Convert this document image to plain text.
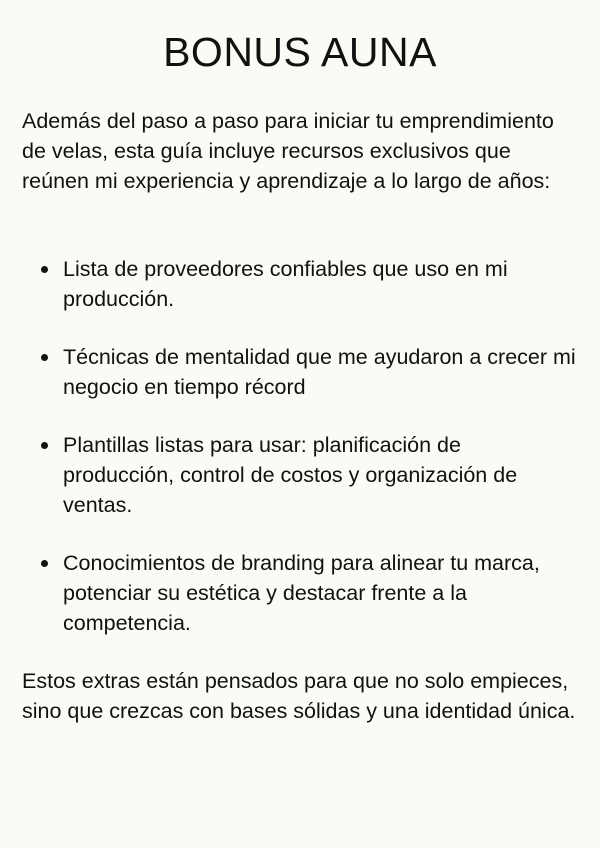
BONUS AUNA

Además del paso a paso para iniciar tu emprendimiento de velas, esta guía incluye recursos exclusivos que reúnen mi experiencia y aprendizaje a lo largo de años:

Lista de proveedores confiables que uso en mi producción.
Técnicas de mentalidad que me ayudaron a crecer mi negocio en tiempo récord
Plantillas listas para usar: planificación de producción, control de costos y organización de ventas.
Conocimientos de branding para alinear tu marca, potenciar su estética y destacar frente a la competencia.

Estos extras están pensados para que no solo empieces, sino que crezcas con bases sólidas y una identidad única.
